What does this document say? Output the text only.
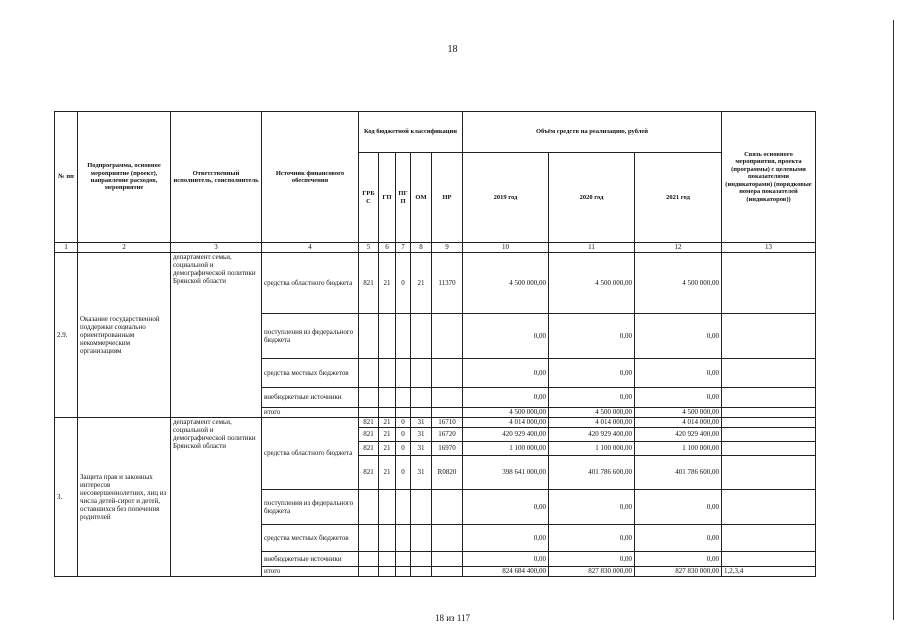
18
№ пп	Подпрограмма, основное мероприятие (проект), направление расходов, мероприятие	Ответственный исполнитель, соисполнитель	Источник финансового обеспечения	Код бюджетной классификации					Объём средств на реализацию, рублей			Связь основного мероприятия, проекта (программы) с целевыми показателями (индикаторами) (порядковые номера показателей (индикаторов))
				ГРБ С	ГП	ПГ П	ОМ	НР	2019 год	2020 год	2021 год	
1	2	3	4	5	6	7	8	9	10	11	12	13
2.9.	Оказание государственной поддержки социально ориентированным некоммерческим организациям	департамент семьи, социальной и демографической политики Брянской области	средства областного бюджета	821	21	0	21	11370	4 500 000,00	4 500 000,00	4 500 000,00	
			поступления из федерального бюджета						0,00	0,00	0,00	
			средства местных бюджетов						0,00	0,00	0,00	
			внебюджетные источники						0,00	0,00	0,00	
			итого						4 500 000,00	4 500 000,00	4 500 000,00	
3.	Защита прав и законных интересов несовершеннолетних, лиц из числа детей-сирот и детей, оставшихся без попечения родителей	департамент семьи, социальной и демографической политики Брянской области	средства областного бюджета	821	21	0	31	16710	4 014 000,00	4 014 000,00	4 014 000,00	
				821	21	0	31	16720	420 929 400,00	420 929 400,00	420 929 400,00	
				821	21	0	31	16970	1 100 000,00	1 100 000,00	1 100 000,00	
				821	21	0	31	R0820	398 641 000,00	401 786 600,00	401 786 600,00	
			поступления из федерального бюджета						0,00	0,00	0,00	
			средства местных бюджетов						0,00	0,00	0,00	
			внебюджетные источники						0,00	0,00	0,00	
			итого						824 684 400,00	827 830 000,00	827 830 000,00	1,2,3,4
18 из 117
